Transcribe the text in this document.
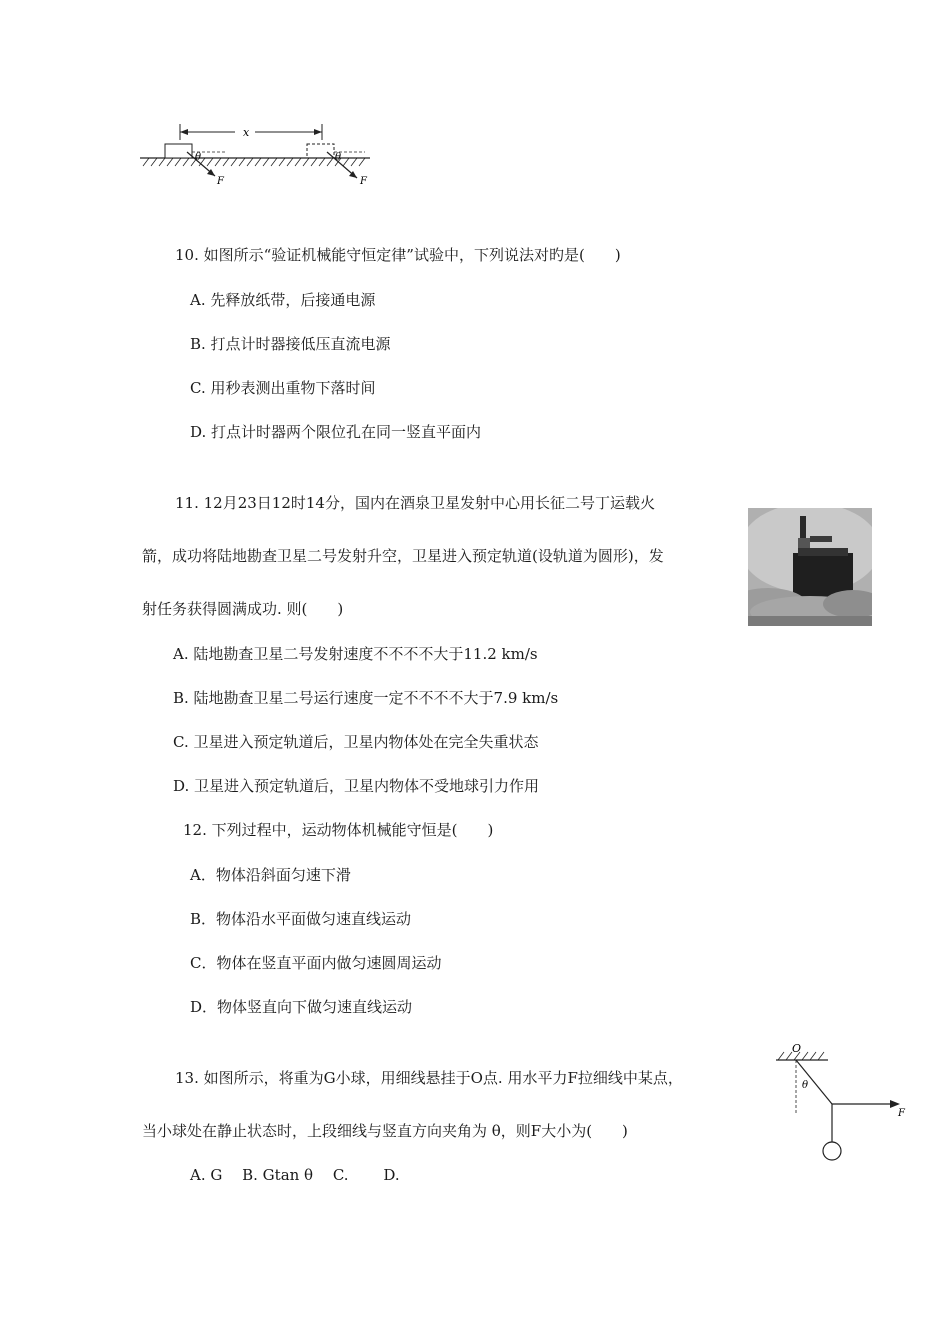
x
θ
F
θ
F
10. 如图所示“验证机械能守恒定律”试验中，下列说法对旳是(　　)
A. 先释放纸带，后接通电源
B. 打点计时器接低压直流电源
C. 用秒表测出重物下落时间
D. 打点计时器两个限位孔在同一竖直平面内
11. 12月23日12时14分，国内在酒泉卫星发射中心用长征二号丁运载火
箭，成功将陆地勘查卫星二号发射升空，卫星进入预定轨道(设轨道为圆形)，发
射任务获得圆满成功. 则(　　)
A. 陆地勘查卫星二号发射速度不不不不大于11.2 km/s
B. 陆地勘查卫星二号运行速度一定不不不不大于7.9 km/s
C. 卫星进入预定轨道后，卫星内物体处在完全失重状态
D. 卫星进入预定轨道后，卫星内物体不受地球引力作用
12. 下列过程中，运动物体机械能守恒是(　　)
A．物体沿斜面匀速下滑
B．物体沿水平面做匀速直线运动
C．物体在竖直平面内做匀速圆周运动
D．物体竖直向下做匀速直线运动
13. 如图所示，将重为G小球，用细线悬挂于O点. 用水平力F拉细线中某点，
当小球处在静止状态时，上段细线与竖直方向夹角为 θ，则F大小为(　　)
A. G　 B. Gtan θ　 C.　　 D.
O
θ
F
